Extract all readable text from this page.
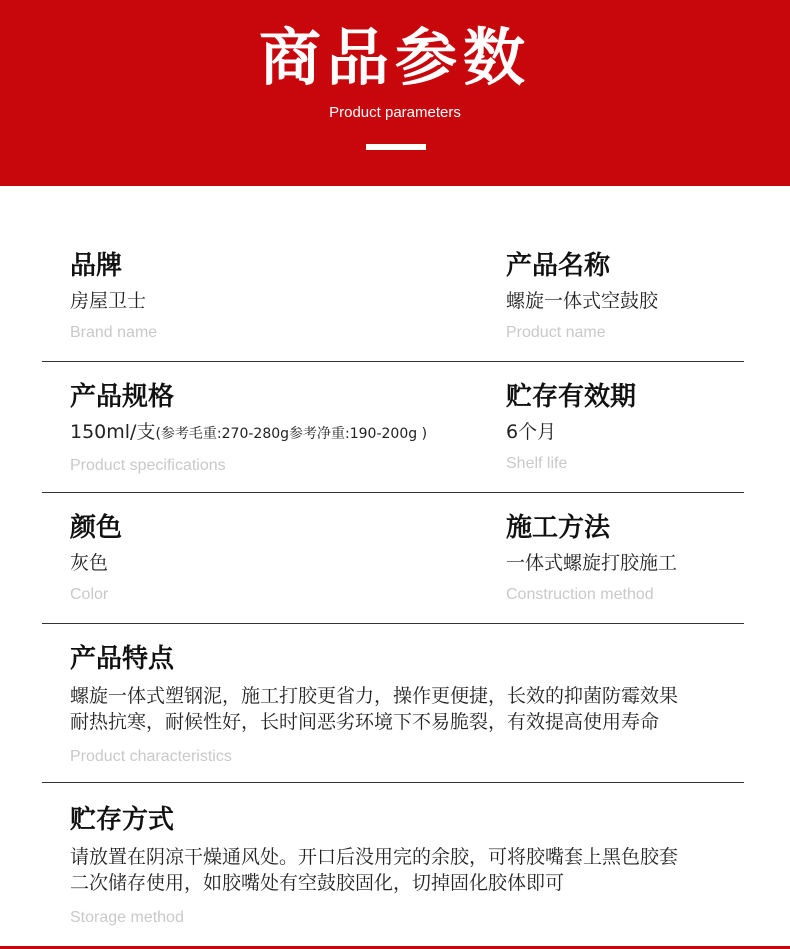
商品参数
Product parameters
品牌
房屋卫士
Brand name
产品名称
螺旋一体式空鼓胶
Product name
产品规格
150ml/支(参考毛重:270-280g参考净重:190-200g )
Product specifications
贮存有效期
6个月
Shelf life
颜色
灰色
Color
施工方法
一体式螺旋打胶施工
Construction method
产品特点
螺旋一体式塑钢泥，施工打胶更省力，操作更便捷，长效的抑菌防霉效果
耐热抗寒，耐候性好，长时间恶劣环境下不易脆裂，有效提高使用寿命
Product characteristics
贮存方式
请放置在阴凉干燥通风处。开口后没用完的余胶，可将胶嘴套上黑色胶套
二次储存使用，如胶嘴处有空鼓胶固化，切掉固化胶体即可
Storage method
